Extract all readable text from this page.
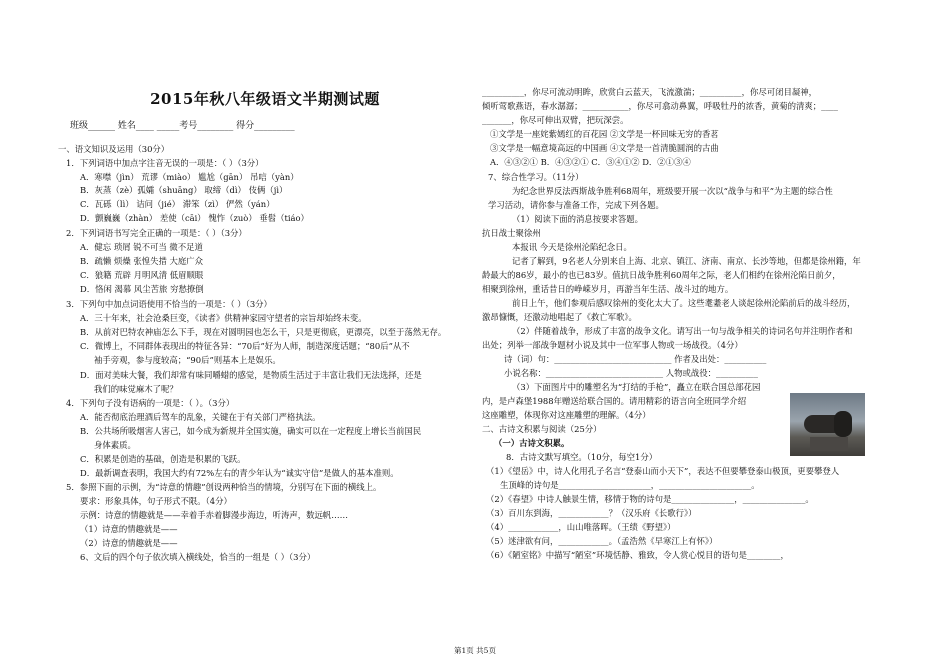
2015年秋八年级语文半期测试题
班级______ 姓名____ _____考号________ 得分_________
一、语文知识及运用（30分）
1．下列词语中加点字注音无误的一项是：（ ）（3分）
A．寒噤（jìn） 荒谬（miào） 尴尬（gān） 吊唁（yàn）
B．灰蒸（zè）孤孀（shuāng） 取缔（dì） 伎俩（jì）
C．瓦砾（lì） 诘问（jié） 滞笨（zì） 俨然（yán）
D．颤巍巍（zhàn） 差使（cāi） 愧怍（zuò） 垂髫（tiáo）
2．下列词语书写完全正确的一项是：（ ）（3分）
A．健忘 琐屑 锐不可当 微不足道
B．疏懒 烦燥 张惶失措 大庭广众
C．狼籍 荒辟 月明风清 低眉顺眼
D．恪闲 渴慕 风尘苦旅 穷愁撩倒
3．下列句中加点词语使用不恰当的一项是：（ ）（3分）
A．三十年来，社会沧桑巨变，《读者》供精神家园守望者的宗旨却始终未变。
B．从前对巴特农神庙怎么下手，现在对圆明园也怎么干，只是更彻底，更漂亮，以至于荡然无存。
C．微博上，不同群体表现出的特征各异：“70后”好为人师，制造深度话题；“80后”从不
袖手旁观，参与度较高；“90后”则基本上是娱乐。
D．面对美味大餐，我们却常有味同嚼蜡的感觉，是物质生活过于丰富让我们无法选择，还是
我们的味觉麻木了呢？
4．下列句子没有语病的一项是：（ ）。（3分）
A．能否彻底治理酒后驾车的乱象，关键在于有关部门严格执法。
B．公共场所吸烟害人害己，如今成为新规并全国实施，确实可以在一定程度上增长当前国民
身体素质。
C．积累是创造的基础，创造是积累的飞跃。
D．最新调查表明，我国大约有72%左右的青少年认为“诚实守信”是做人的基本准则。
5．参照下面的示例，为“诗意的情趣”创设两种恰当的情境，分别写在下面的横线上。
要求：形象具体，句子形式不限。（4分）
示例：诗意的情趣就是——幸着手赤着脚漫步海边，听涛声，数远帆……
（1）诗意的情趣就是——
（2）诗意的情趣就是——
6、文后的四个句子依次填入横线处，恰当的一组是（ ）（3分）
__________，你尽可流动明眸，欣赏白云蓝天，飞流激湍；__________，你尽可闭目凝神，
倾听莺歌燕语，春水潺潺；___________，你尽可翕动鼻翼，呼吸牡丹的浓香，黄菊的清爽；____
_______，你尽可伸出双臂，把玩深尝。
①文学是一座姹紫嫣红的百花园 ②文学是一杯回味无穷的香茗
③文学是一幅意境高远的中国画 ④文学是一首清脆圆润的古曲
A．④③②① B．④③②① C．③④①② D．②①③④
7、综合性学习。（11分）
为纪念世界反法西斯战争胜利68周年，班级要开展一次以“战争与和平”为主题的综合性
学习活动，请你参与准备工作，完成下列各题。
（1）阅读下面的消息按要求答题。
抗日战士聚徐州
本报讯 今天是徐州沦陷纪念日。
记者了解到，9名老人分别来自上海、北京、镇江、济南、南京、长沙等地，但都是徐州籍，年
龄最大的86岁，最小的也已83岁。值抗日战争胜利60周年之际，老人们相约在徐州沦陷日前夕，
相聚到徐州，重话昔日的峥嵘岁月，再游当年生活、战斗过的地方。
前日上午，他们参观后感叹徐州的变化太大了。这些耄耋老人谈起徐州沦陷前后的战斗经历，
激昂慷慨，还激动地唱起了《救亡军歌》。
（2）伴随着战争，形成了丰富的战争文化。请写出一句与战争相关的诗词名句并注明作者和
出处；列举一部战争题材小说及其中一位军事人物或一场战役。（4分）
诗（词）句：____________________________ 作者及出处：__________
小说名称：____________________________ 人物或战役：__________
（3）下面图片中的雕塑名为“打结的手枪”，矗立在联合国总部花园
内，是卢森堡1988年赠送给联合国的。请用精彩的语言向全班同学介绍
这座雕塑，体现你对这座雕塑的理解。（4分）
二、古诗文积累与阅读（25分）
（一）古诗文积累。
8．古诗文默写填空。（10分，每空1分）
（1）《望岳》中，诗人化用孔子名言“登泰山而小天下”，表达不但要攀登泰山极顶，更要攀登人
生顶峰的诗句是______________________，______________________。
（2）《春望》中诗人触景生情，移情于物的诗句是_______________，_______________。
（3）百川东到海，____________？（汉乐府《长歌行》）
（4）____________，山山唯落晖。（王绩《野望》）
（5）迷津欲有问，____________。（孟浩然《早寒江上有怀》）
（6）《陋室铭》中描写“陋室”环境恬静、雅致，令人赏心悦目的语句是________，
第1页 共5页
